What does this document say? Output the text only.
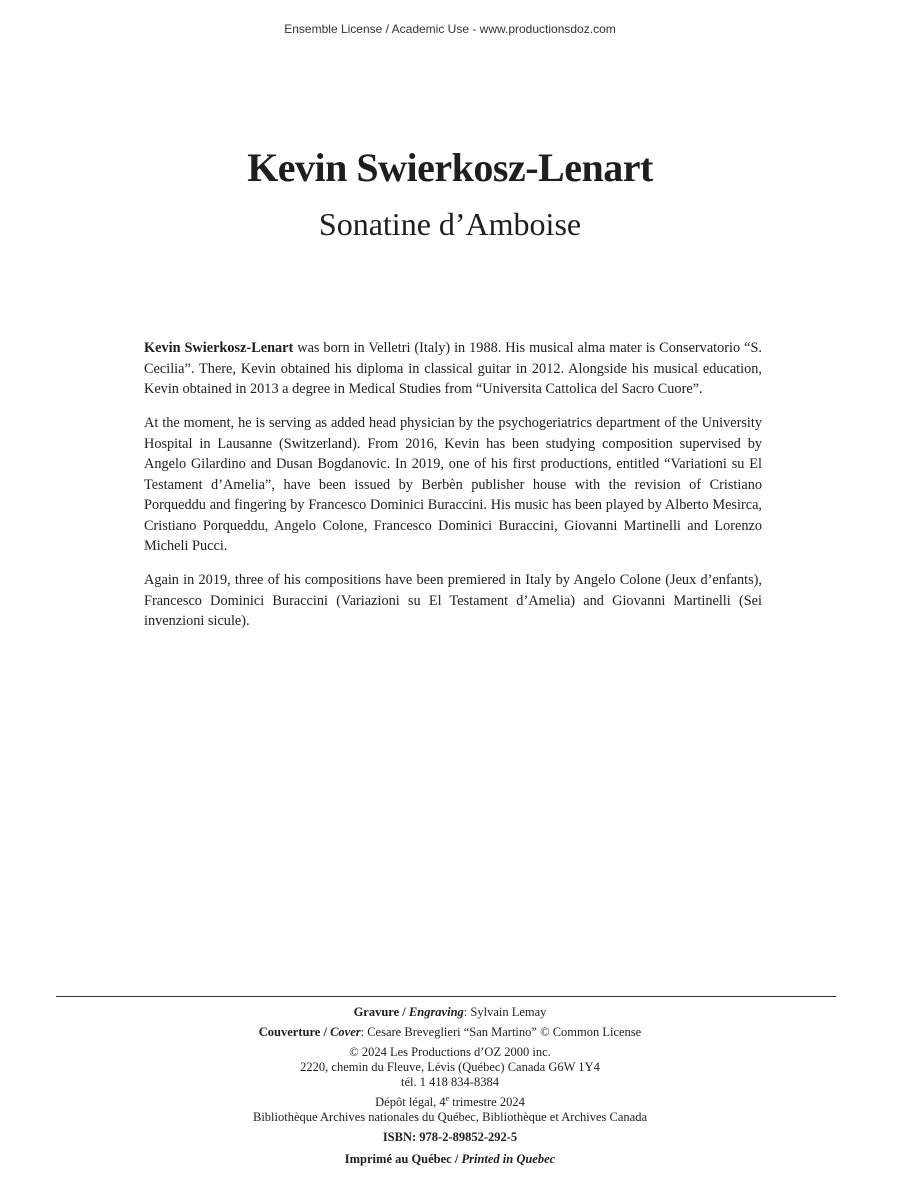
Ensemble License / Academic Use - www.productionsdoz.com
Kevin Swierkosz-Lenart
Sonatine d’Amboise

Kevin Swierkosz-Lenart was born in Velletri (Italy) in 1988. His musical alma mater is Conservatorio “S. Cecilia”. There, Kevin obtained his diploma in classical guitar in 2012. Alongside his musical education, Kevin obtained in 2013 a degree in Medical Studies from “Universita Cattolica del Sacro Cuore”.

At the moment, he is serving as added head physician by the psychogeriatrics department of the University Hospital in Lausanne (Switzerland). From 2016, Kevin has been studying composition supervised by Angelo Gilardino and Dusan Bogdanovic. In 2019, one of his first productions, entitled “Variationi su El Testament d’Amelia”, have been issued by Berbèn publisher house with the revision of Cristiano Porqueddu and fingering by Francesco Dominici Buraccini. His music has been played by Alberto Mesirca, Cristiano Porqueddu, Angelo Colone, Francesco Dominici Buraccini, Giovanni Martinelli and Lorenzo Micheli Pucci.

Again in 2019, three of his compositions have been premiered in Italy by Angelo Colone (Jeux d’enfants), Francesco Dominici Buraccini (Variazioni su El Testament d’Amelia) and Giovanni Martinelli (Sei invenzioni sicule).

Gravure / Engraving: Sylvain Lemay
Couverture / Cover: Cesare Breveglieri “San Martino” © Common License
© 2024 Les Productions d’OZ 2000 inc.
2220, chemin du Fleuve, Lévis (Québec) Canada G6W 1Y4
tél. 1 418 834-8384
Dépôt légal, 4e trimestre 2024
Bibliothèque Archives nationales du Québec, Bibliothèque et Archives Canada
ISBN: 978-2-89852-292-5
Imprimé au Québec / Printed in Quebec
